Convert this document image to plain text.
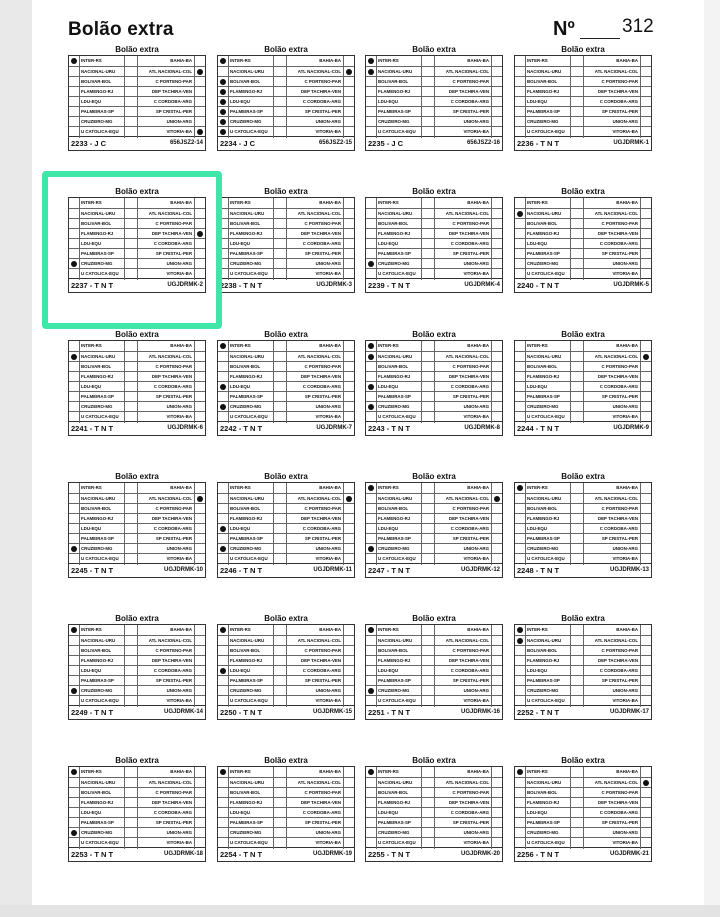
Bolão extra	Nº 312
Bolão extra
INTER-RS	BAHIA-BA
NACIONAL-URU	ATL NACIONAL-COL
BOLIVAR-BOL	C PORTENO-PAR
FLAMENGO-RJ	DEP TACHIRA-VEN
LDU-EQU	C CORDOBA-ARG
PALMEIRAS-SP	SP CRISTAL-PER
CRUZEIRO-MG	UNION-ARG
U CATOLICA-EQU	VITORIA-BA
2233 - J C	656JSZ2-14
Bolão extra
INTER-RS	BAHIA-BA
NACIONAL-URU	ATL NACIONAL-COL
BOLIVAR-BOL	C PORTENO-PAR
FLAMENGO-RJ	DEP TACHIRA-VEN
LDU-EQU	C CORDOBA-ARG
PALMEIRAS-SP	SP CRISTAL-PER
CRUZEIRO-MG	UNION-ARG
U CATOLICA-EQU	VITORIA-BA
2234 - J C	656JSZ2-15
Bolão extra
INTER-RS	BAHIA-BA
NACIONAL-URU	ATL NACIONAL-COL
BOLIVAR-BOL	C PORTENO-PAR
FLAMENGO-RJ	DEP TACHIRA-VEN
LDU-EQU	C CORDOBA-ARG
PALMEIRAS-SP	SP CRISTAL-PER
CRUZEIRO-MG	UNION-ARG
U CATOLICA-EQU	VITORIA-BA
2235 - J C	656JSZ2-16
Bolão extra
INTER-RS	BAHIA-BA
NACIONAL-URU	ATL NACIONAL-COL
BOLIVAR-BOL	C PORTENO-PAR
FLAMENGO-RJ	DEP TACHIRA-VEN
LDU-EQU	C CORDOBA-ARG
PALMEIRAS-SP	SP CRISTAL-PER
CRUZEIRO-MG	UNION-ARG
U CATOLICA-EQU	VITORIA-BA
2236 - T N T	UGJDRMK-1
Bolão extra
INTER-RS	BAHIA-BA
NACIONAL-URU	ATL NACIONAL-COL
BOLIVAR-BOL	C PORTENO-PAR
FLAMENGO-RJ	DEP TACHIRA-VEN
LDU-EQU	C CORDOBA-ARG
PALMEIRAS-SP	SP CRISTAL-PER
CRUZEIRO-MG	UNION-ARG
U CATOLICA-EQU	VITORIA-BA
2237 - T N T	UGJDRMK-2
Bolão extra
INTER-RS	BAHIA-BA
NACIONAL-URU	ATL NACIONAL-COL
BOLIVAR-BOL	C PORTENO-PAR
FLAMENGO-RJ	DEP TACHIRA-VEN
LDU-EQU	C CORDOBA-ARG
PALMEIRAS-SP	SP CRISTAL-PER
CRUZEIRO-MG	UNION-ARG
U CATOLICA-EQU	VITORIA-BA
2238 - T N T	UGJDRMK-3
Bolão extra
INTER-RS	BAHIA-BA
NACIONAL-URU	ATL NACIONAL-COL
BOLIVAR-BOL	C PORTENO-PAR
FLAMENGO-RJ	DEP TACHIRA-VEN
LDU-EQU	C CORDOBA-ARG
PALMEIRAS-SP	SP CRISTAL-PER
CRUZEIRO-MG	UNION-ARG
U CATOLICA-EQU	VITORIA-BA
2239 - T N T	UGJDRMK-4
Bolão extra
INTER-RS	BAHIA-BA
NACIONAL-URU	ATL NACIONAL-COL
BOLIVAR-BOL	C PORTENO-PAR
FLAMENGO-RJ	DEP TACHIRA-VEN
LDU-EQU	C CORDOBA-ARG
PALMEIRAS-SP	SP CRISTAL-PER
CRUZEIRO-MG	UNION-ARG
U CATOLICA-EQU	VITORIA-BA
2240 - T N T	UGJDRMK-5
Bolão extra
INTER-RS	BAHIA-BA
NACIONAL-URU	ATL NACIONAL-COL
BOLIVAR-BOL	C PORTENO-PAR
FLAMENGO-RJ	DEP TACHIRA-VEN
LDU-EQU	C CORDOBA-ARG
PALMEIRAS-SP	SP CRISTAL-PER
CRUZEIRO-MG	UNION-ARG
U CATOLICA-EQU	VITORIA-BA
2241 - T N T	UGJDRMK-6
Bolão extra
INTER-RS	BAHIA-BA
NACIONAL-URU	ATL NACIONAL-COL
BOLIVAR-BOL	C PORTENO-PAR
FLAMENGO-RJ	DEP TACHIRA-VEN
LDU-EQU	C CORDOBA-ARG
PALMEIRAS-SP	SP CRISTAL-PER
CRUZEIRO-MG	UNION-ARG
U CATOLICA-EQU	VITORIA-BA
2242 - T N T	UGJDRMK-7
Bolão extra
INTER-RS	BAHIA-BA
NACIONAL-URU	ATL NACIONAL-COL
BOLIVAR-BOL	C PORTENO-PAR
FLAMENGO-RJ	DEP TACHIRA-VEN
LDU-EQU	C CORDOBA-ARG
PALMEIRAS-SP	SP CRISTAL-PER
CRUZEIRO-MG	UNION-ARG
U CATOLICA-EQU	VITORIA-BA
2243 - T N T	UGJDRMK-8
Bolão extra
INTER-RS	BAHIA-BA
NACIONAL-URU	ATL NACIONAL-COL
BOLIVAR-BOL	C PORTENO-PAR
FLAMENGO-RJ	DEP TACHIRA-VEN
LDU-EQU	C CORDOBA-ARG
PALMEIRAS-SP	SP CRISTAL-PER
CRUZEIRO-MG	UNION-ARG
U CATOLICA-EQU	VITORIA-BA
2244 - T N T	UGJDRMK-9
Bolão extra
INTER-RS	BAHIA-BA
NACIONAL-URU	ATL NACIONAL-COL
BOLIVAR-BOL	C PORTENO-PAR
FLAMENGO-RJ	DEP TACHIRA-VEN
LDU-EQU	C CORDOBA-ARG
PALMEIRAS-SP	SP CRISTAL-PER
CRUZEIRO-MG	UNION-ARG
U CATOLICA-EQU	VITORIA-BA
2245 - T N T	UGJDRMK-10
Bolão extra
INTER-RS	BAHIA-BA
NACIONAL-URU	ATL NACIONAL-COL
BOLIVAR-BOL	C PORTENO-PAR
FLAMENGO-RJ	DEP TACHIRA-VEN
LDU-EQU	C CORDOBA-ARG
PALMEIRAS-SP	SP CRISTAL-PER
CRUZEIRO-MG	UNION-ARG
U CATOLICA-EQU	VITORIA-BA
2246 - T N T	UGJDRMK-11
Bolão extra
INTER-RS	BAHIA-BA
NACIONAL-URU	ATL NACIONAL-COL
BOLIVAR-BOL	C PORTENO-PAR
FLAMENGO-RJ	DEP TACHIRA-VEN
LDU-EQU	C CORDOBA-ARG
PALMEIRAS-SP	SP CRISTAL-PER
CRUZEIRO-MG	UNION-ARG
U CATOLICA-EQU	VITORIA-BA
2247 - T N T	UGJDRMK-12
Bolão extra
INTER-RS	BAHIA-BA
NACIONAL-URU	ATL NACIONAL-COL
BOLIVAR-BOL	C PORTENO-PAR
FLAMENGO-RJ	DEP TACHIRA-VEN
LDU-EQU	C CORDOBA-ARG
PALMEIRAS-SP	SP CRISTAL-PER
CRUZEIRO-MG	UNION-ARG
U CATOLICA-EQU	VITORIA-BA
2248 - T N T	UGJDRMK-13
Bolão extra
INTER-RS	BAHIA-BA
NACIONAL-URU	ATL NACIONAL-COL
BOLIVAR-BOL	C PORTENO-PAR
FLAMENGO-RJ	DEP TACHIRA-VEN
LDU-EQU	C CORDOBA-ARG
PALMEIRAS-SP	SP CRISTAL-PER
CRUZEIRO-MG	UNION-ARG
U CATOLICA-EQU	VITORIA-BA
2249 - T N T	UGJDRMK-14
Bolão extra
INTER-RS	BAHIA-BA
NACIONAL-URU	ATL NACIONAL-COL
BOLIVAR-BOL	C PORTENO-PAR
FLAMENGO-RJ	DEP TACHIRA-VEN
LDU-EQU	C CORDOBA-ARG
PALMEIRAS-SP	SP CRISTAL-PER
CRUZEIRO-MG	UNION-ARG
U CATOLICA-EQU	VITORIA-BA
2250 - T N T	UGJDRMK-15
Bolão extra
INTER-RS	BAHIA-BA
NACIONAL-URU	ATL NACIONAL-COL
BOLIVAR-BOL	C PORTENO-PAR
FLAMENGO-RJ	DEP TACHIRA-VEN
LDU-EQU	C CORDOBA-ARG
PALMEIRAS-SP	SP CRISTAL-PER
CRUZEIRO-MG	UNION-ARG
U CATOLICA-EQU	VITORIA-BA
2251 - T N T	UGJDRMK-16
Bolão extra
INTER-RS	BAHIA-BA
NACIONAL-URU	ATL NACIONAL-COL
BOLIVAR-BOL	C PORTENO-PAR
FLAMENGO-RJ	DEP TACHIRA-VEN
LDU-EQU	C CORDOBA-ARG
PALMEIRAS-SP	SP CRISTAL-PER
CRUZEIRO-MG	UNION-ARG
U CATOLICA-EQU	VITORIA-BA
2252 - T N T	UGJDRMK-17
Bolão extra
INTER-RS	BAHIA-BA
NACIONAL-URU	ATL NACIONAL-COL
BOLIVAR-BOL	C PORTENO-PAR
FLAMENGO-RJ	DEP TACHIRA-VEN
LDU-EQU	C CORDOBA-ARG
PALMEIRAS-SP	SP CRISTAL-PER
CRUZEIRO-MG	UNION-ARG
U CATOLICA-EQU	VITORIA-BA
2253 - T N T	UGJDRMK-18
Bolão extra
INTER-RS	BAHIA-BA
NACIONAL-URU	ATL NACIONAL-COL
BOLIVAR-BOL	C PORTENO-PAR
FLAMENGO-RJ	DEP TACHIRA-VEN
LDU-EQU	C CORDOBA-ARG
PALMEIRAS-SP	SP CRISTAL-PER
CRUZEIRO-MG	UNION-ARG
U CATOLICA-EQU	VITORIA-BA
2254 - T N T	UGJDRMK-19
Bolão extra
INTER-RS	BAHIA-BA
NACIONAL-URU	ATL NACIONAL-COL
BOLIVAR-BOL	C PORTENO-PAR
FLAMENGO-RJ	DEP TACHIRA-VEN
LDU-EQU	C CORDOBA-ARG
PALMEIRAS-SP	SP CRISTAL-PER
CRUZEIRO-MG	UNION-ARG
U CATOLICA-EQU	VITORIA-BA
2255 - T N T	UGJDRMK-20
Bolão extra
INTER-RS	BAHIA-BA
NACIONAL-URU	ATL NACIONAL-COL
BOLIVAR-BOL	C PORTENO-PAR
FLAMENGO-RJ	DEP TACHIRA-VEN
LDU-EQU	C CORDOBA-ARG
PALMEIRAS-SP	SP CRISTAL-PER
CRUZEIRO-MG	UNION-ARG
U CATOLICA-EQU	VITORIA-BA
2256 - T N T	UGJDRMK-21
